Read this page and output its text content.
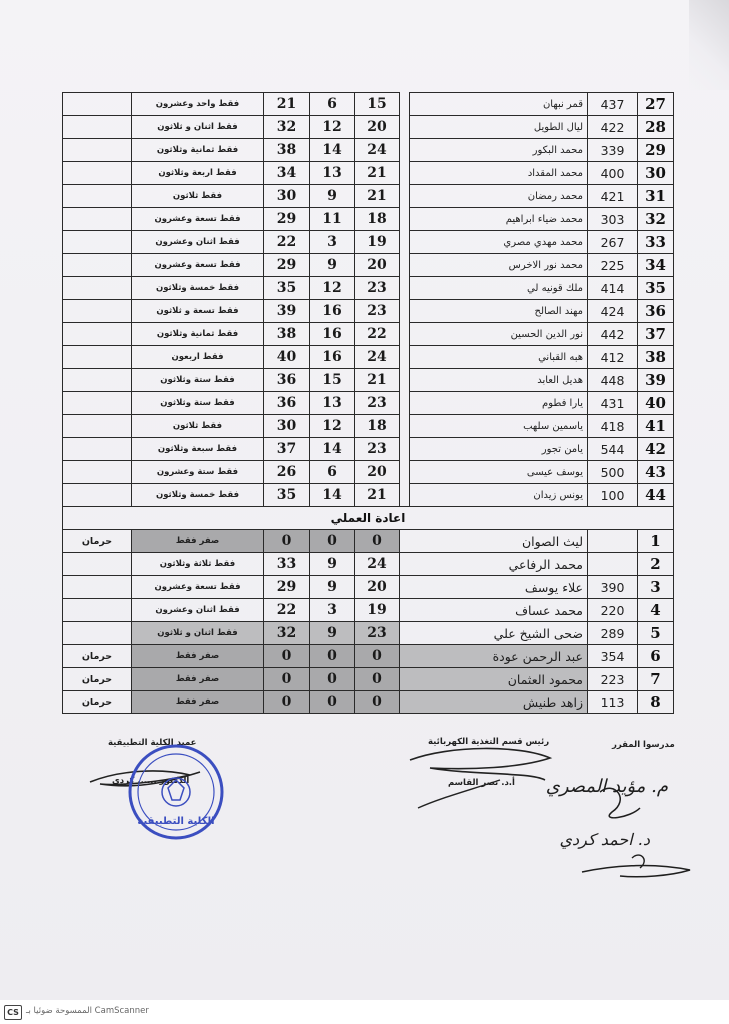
	فقط واحد وعشرون	21	6	15		قمر نبهان	437	27
	فقط اثنان و ثلاثون	32	12	20		ليال الطويل	422	28
	فقط ثمانية وثلاثون	38	14	24		محمد البكور	339	29
	فقط اربعة وثلاثون	34	13	21		محمد المقداد	400	30
	فقط ثلاثون	30	9	21		محمد رمضان	421	31
	فقط تسعة وعشرون	29	11	18		محمد ضياء ابراهيم	303	32
	فقط اثنان وعشرون	22	3	19		محمد مهدي مصري	267	33
	فقط تسعة وعشرون	29	9	20		محمد نور الاخرس	225	34
	فقط خمسة وثلاثون	35	12	23		ملك قونيه لي	414	35
	فقط تسعة و ثلاثون	39	16	23		مهند الصالح	424	36
	فقط ثمانية وثلاثون	38	16	22		نور الدين الحسين	442	37
	فقط اربعون	40	16	24		هبه القباني	412	38
	فقط ستة وثلاثون	36	15	21		هديل العابد	448	39
	فقط ستة وثلاثون	36	13	23		يارا فطوم	431	40
	فقط ثلاثون	30	12	18		ياسمين سلهب	418	41
	فقط سبعة وثلاثون	37	14	23		يامن تجور	544	42
	فقط ستة وعشرون	26	6	20		يوسف عيسى	500	43
	فقط خمسة وثلاثون	35	14	21		يونس زيدان	100	44
اعادة العملي								
حرمان	صفر فقط	0	0	0	ليث الصوان			1
	فقط ثلاثة وثلاثون	33	9	24	محمد الرفاعي			2
	فقط تسعة وعشرون	29	9	20	علاء يوسف		390	3
	فقط اثنان وعشرون	22	3	19	محمد عساف		220	4
	فقط اثنان و ثلاثون	32	9	23	ضحى الشيخ علي		289	5
حرمان	صفر فقط	0	0	0	عبد الرحمن عودة		354	6
حرمان	صفر فقط	0	0	0	محمود العثمان		223	7
حرمان	صفر فقط	0	0	0	زاهد طنيش		113	8
مدرسوا المقرر
رئيس قسم التغذية الكهربائية
أ.د. نصر القاسم
عميد الكلية التطبيقية
الدكتور ...... كردي
الكلية التطبيقية
م. مؤيد المصري
د. احمد كردي
CS الممسوحة ضوئيا بـ CamScanner
